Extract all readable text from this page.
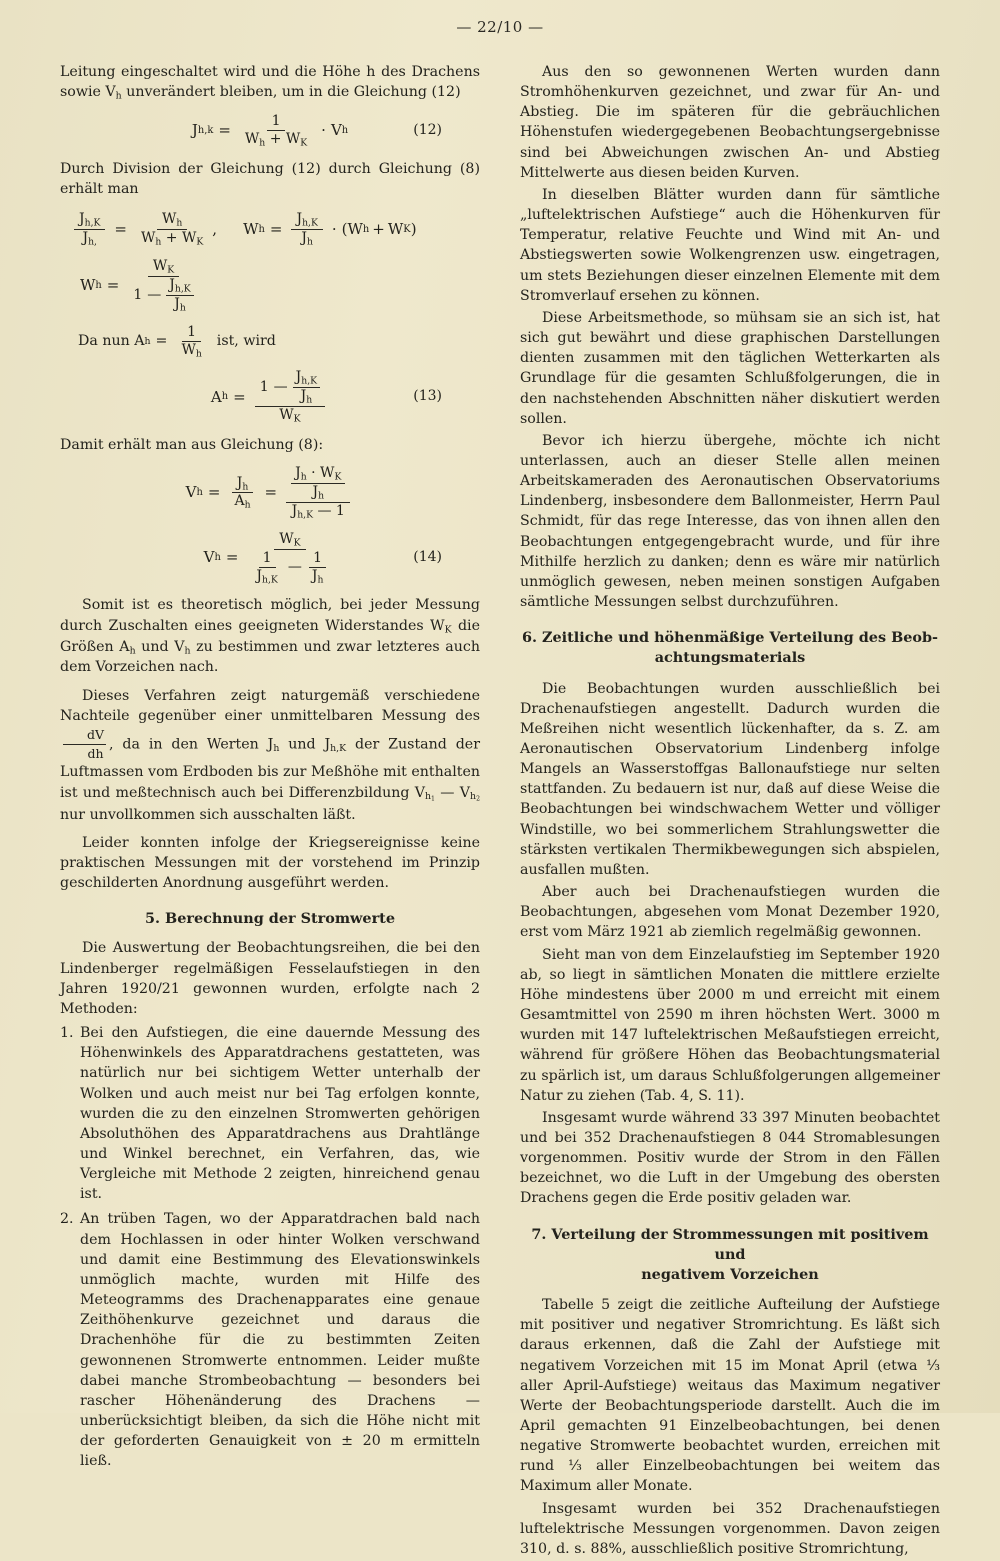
— 22/10 —

Leitung eingeschaltet wird und die Höhe h des Drachens sowie $V_h$ unverändert bleiben, um in die Gleichung (12)

J $h,k = \frac{1}{W_h + W_K} \cdot V$ h	(12)

Durch Division der Gleichung (12) durch Gleichung (8) erhält man

$\frac{J_{h,K}}{J_{h,}} = \frac{W_h}{W_h + W_K}$ , W $h = \frac{J_{h,K}}{J_h} \cdot (W$ h + W K )
W h =
$W_K$
1 — $\frac{J_{h,K}}{J_h}$
Da nun A $h = \frac{1}{W_h}$ ist, wird
A h =
1 — $\frac{J_{h,K}}{J_h}$
$W_K$
(13)

Damit erhält man aus Gleichung (8):

V $h = \frac{J_h}{A_h} = \frac{\frac{J_h \cdot W_K}{J_h}}{J_{h,K} — 1}$
V h =
$W_K$
$\frac{1}{J_{h,K}}$ — $\frac{1}{J_h}$	(14)

Somit ist es theoretisch möglich, bei jeder Messung durch Zuschalten eines geeigneten Widerstandes $W_K$ die Größen $A_h$ und $V_h$ zu bestimmen und zwar letzteres auch dem Vorzeichen nach.

Dieses Verfahren zeigt naturgemäß verschiedene Nachteile gegenüber einer unmittelbaren Messung des
$\frac{dV}{dh}$ , da in den Werten $J_h$ und $J_{h,K}$ der Zustand der Luftmassen vom Erdboden bis zur Meßhöhe mit enthalten ist und meßtechnisch auch bei Differenzbildung $V_{h_1}$ — $V_{h_2}$ nur unvollkommen sich ausschalten läßt.

Leider konnten infolge der Kriegsereignisse keine praktischen Messungen mit der vorstehend im Prinzip geschilderten Anordnung ausgeführt werden.

5. Berechnung der Stromwerte

Die Auswertung der Beobachtungsreihen, die bei den Lindenberger regelmäßigen Fesselaufstiegen in den Jahren 1920/21 gewonnen wurden, erfolgte nach 2 Methoden:

1. Bei den Aufstiegen, die eine dauernde Messung des Höhenwinkels des Apparatdrachens gestatteten, was natürlich nur bei sichtigem Wetter unterhalb der Wolken und auch meist nur bei Tag erfolgen konnte, wurden die zu den einzelnen Stromwerten gehörigen Absoluthöhen des Apparatdrachens aus Drahtlänge und Winkel berechnet, ein Verfahren, das, wie Vergleiche mit Methode 2 zeigten, hinreichend genau ist.
2. An trüben Tagen, wo der Apparatdrachen bald nach dem Hochlassen in oder hinter Wolken verschwand und damit eine Bestimmung des Elevationswinkels unmöglich machte, wurden mit Hilfe des Meteogramms des Drachenapparates eine genaue Zeithöhenkurve gezeichnet und daraus die Drachenhöhe für die zu bestimmten Zeiten gewonnenen Stromwerte entnommen. Leider mußte dabei manche Strombeobachtung — besonders bei rascher Höhenänderung des Drachens — unberücksichtigt bleiben, da sich die Höhe nicht mit der geforderten Genauigkeit von ± 20 m ermitteln ließ.

Aus den so gewonnenen Werten wurden dann Stromhöhenkurven gezeichnet, und zwar für An- und Abstieg. Die im späteren für die gebräuchlichen Höhenstufen wiedergegebenen Beobachtungsergebnisse sind bei Abweichungen zwischen An- und Abstieg Mittelwerte aus diesen beiden Kurven.

In dieselben Blätter wurden dann für sämtliche „luftelektrischen Aufstiege“ auch die Höhenkurven für Temperatur, relative Feuchte und Wind mit An- und Abstiegswerten sowie Wolkengrenzen usw. eingetragen, um stets Beziehungen dieser einzelnen Elemente mit dem Stromverlauf ersehen zu können.

Diese Arbeitsmethode, so mühsam sie an sich ist, hat sich gut bewährt und diese graphischen Darstellungen dienten zusammen mit den täglichen Wetterkarten als Grundlage für die gesamten Schlußfolgerungen, die in den nachstehenden Abschnitten näher diskutiert werden sollen.

Bevor ich hierzu übergehe, möchte ich nicht unterlassen, auch an dieser Stelle allen meinen Arbeitskameraden des Aeronautischen Observatoriums Lindenberg, insbesondere dem Ballonmeister, Herrn Paul Schmidt, für das rege Interesse, das von ihnen allen den Beobachtungen entgegengebracht wurde, und für ihre Mithilfe herzlich zu danken; denn es wäre mir natürlich unmöglich gewesen, neben meinen sonstigen Aufgaben sämtliche Messungen selbst durchzuführen.

6. Zeitliche und höhenmäßige Verteilung des Beob-
achtungsmaterials

Die Beobachtungen wurden ausschließlich bei Drachenaufstiegen angestellt. Dadurch wurden die Meßreihen nicht wesentlich lückenhafter, da s. Z. am Aeronautischen Observatorium Lindenberg infolge Mangels an Wasserstoffgas Ballonaufstiege nur selten stattfanden. Zu bedauern ist nur, daß auf diese Weise die Beobachtungen bei windschwachem Wetter und völliger Windstille, wo bei sommerlichem Strahlungswetter die stärksten vertikalen Thermikbewegungen sich abspielen, ausfallen mußten.

Aber auch bei Drachenaufstiegen wurden die Beobachtungen, abgesehen vom Monat Dezember 1920, erst vom März 1921 ab ziemlich regelmäßig gewonnen.

Sieht man von dem Einzelaufstieg im September 1920 ab, so liegt in sämtlichen Monaten die mittlere erzielte Höhe mindestens über 2000 m und erreicht mit einem Gesamtmittel von 2590 m ihren höchsten Wert. 3000 m wurden mit 147 luftelektrischen Meßaufstiegen erreicht, während für größere Höhen das Beobachtungsmaterial zu spärlich ist, um daraus Schlußfolgerungen allgemeiner Natur zu ziehen (Tab. 4, S. 11).

Insgesamt wurde während 33 397 Minuten beobachtet und bei 352 Drachenaufstiegen 8 044 Stromablesungen vorgenommen. Positiv wurde der Strom in den Fällen bezeichnet, wo die Luft in der Umgebung des obersten Drachens gegen die Erde positiv geladen war.

7. Verteilung der Strommessungen mit positivem und
negativem Vorzeichen

Tabelle 5 zeigt die zeitliche Aufteilung der Aufstiege mit positiver und negativer Stromrichtung. Es läßt sich daraus erkennen, daß die Zahl der Aufstiege mit negativem Vorzeichen mit 15 im Monat April (etwa ⅓ aller April-Aufstiege) weitaus das Maximum negativer Werte der Beobachtungsperiode darstellt. Auch die im April gemachten 91 Einzelbeobachtungen, bei denen negative Stromwerte beobachtet wurden, erreichen mit rund ⅓ aller Einzelbeobachtungen bei weitem das Maximum aller Monate.

Insgesamt wurden bei 352 Drachenaufstiegen luftelektrische Messungen vorgenommen. Davon zeigen 310, d. s. 88%, ausschließlich positive Stromrichtung,
